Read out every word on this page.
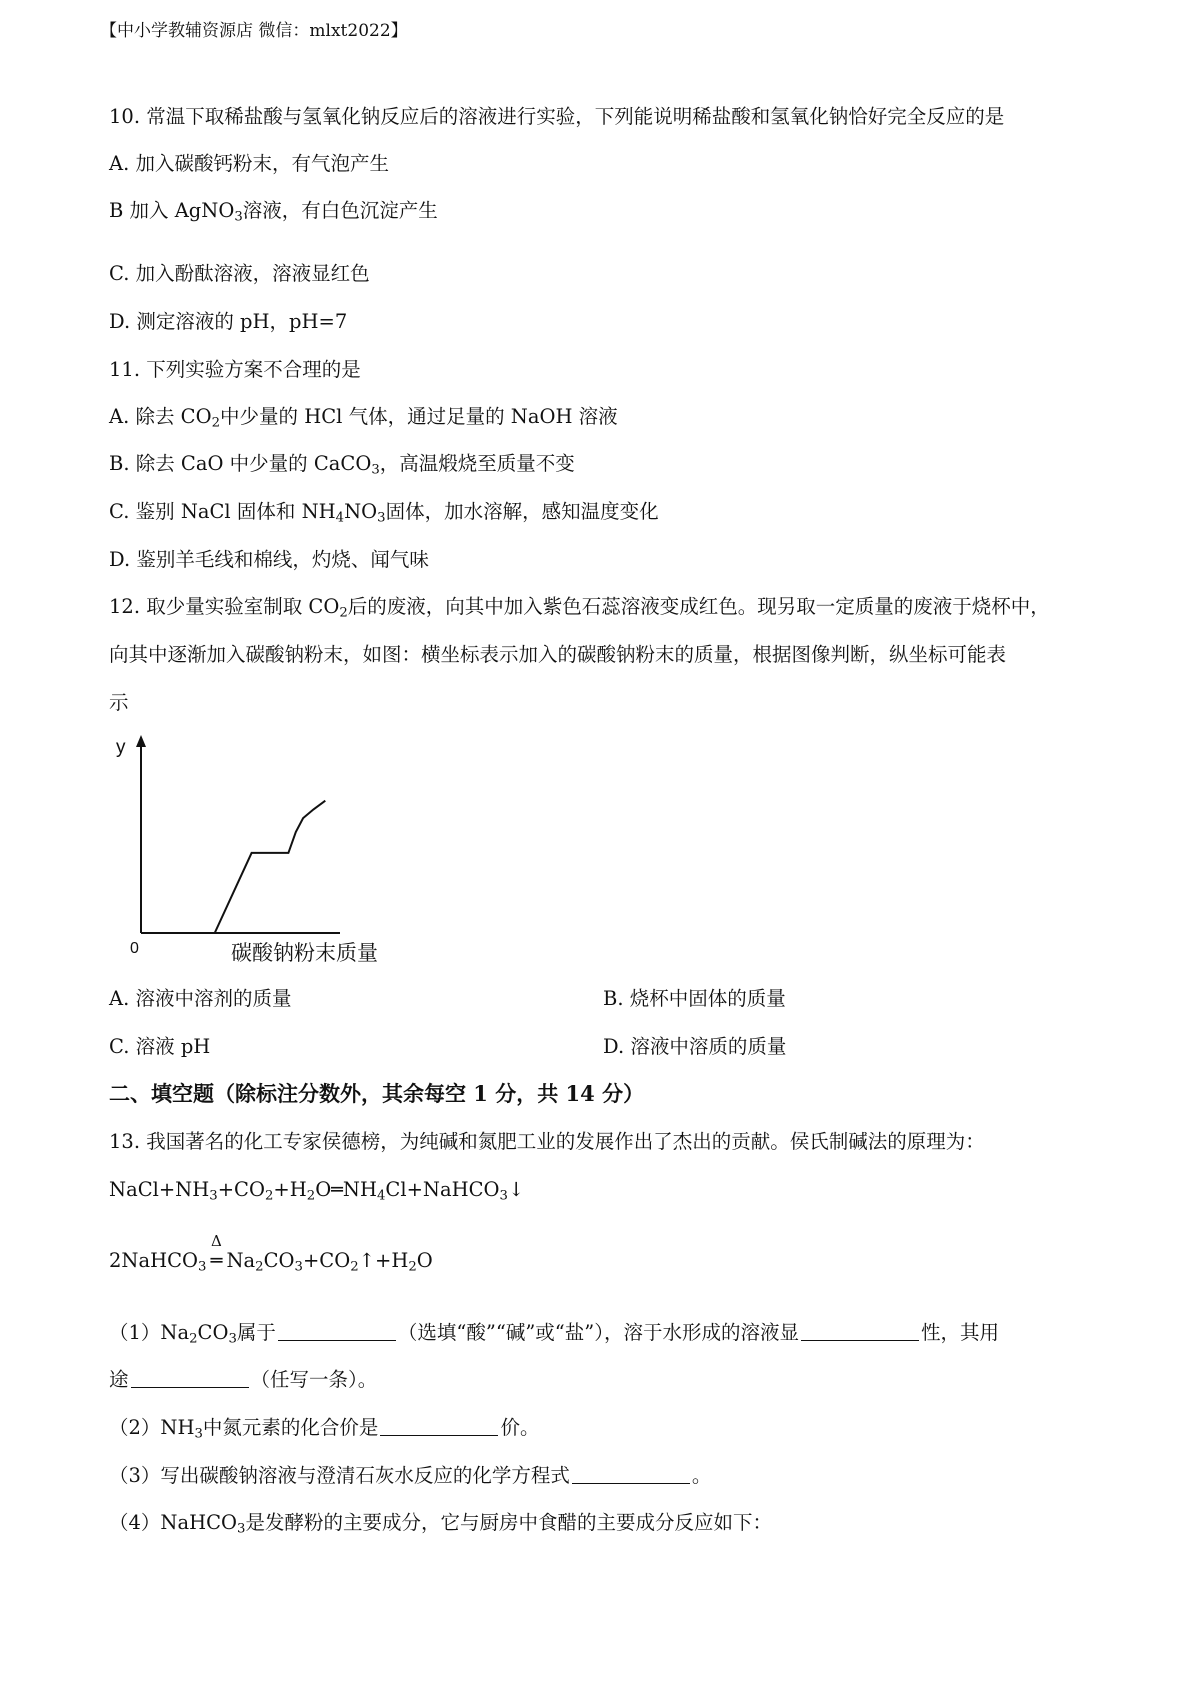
【中小学教辅资源店 微信：mlxt2022】
10. 常温下取稀盐酸与氢氧化钠反应后的溶液进行实验，下列能说明稀盐酸和氢氧化钠恰好完全反应的是
A. 加入碳酸钙粉末，有气泡产生
B 加入 AgNO$_3$溶液，有白色沉淀产生
C. 加入酚酞溶液，溶液显红色
D. 测定溶液的 pH，pH=7
11. 下列实验方案不合理的是
A. 除去 $CO_2$中少量的 HCl 气体，通过足量的 NaOH 溶液
B. 除去 CaO 中少量的 CaCO$_3$，高温煅烧至质量不变
C. 鉴别 NaCl 固体和 $NH_4NO_3$固体，加水溶解，感知温度变化
D. 鉴别羊毛线和棉线，灼烧、闻气味
12. 取少量实验室制取 $CO_2$后的废液，向其中加入紫色石蕊溶液变成红色。现另取一定质量的废液于烧杯中，
向其中逐渐加入碳酸钠粉末，如图：横坐标表示加入的碳酸钠粉末的质量，根据图像判断，纵坐标可能表
示
y
0	碳酸钠粉末质量
A. 溶液中溶剂的质量	B. 烧杯中固体的质量
C. 溶液 pH	D. 溶液中溶质的质量
二、填空题（除标注分数外，其余每空 1 分，共 14 分）
13. 我国著名的化工专家侯德榜，为纯碱和氮肥工业的发展作出了杰出的贡献。侯氏制碱法的原理为：
$NaCl+NH_3+CO_2+H_2O═NH_4Cl+NaHCO_3↓$
2NaHCO$_3$
Δ
═ $Na_2CO_3+CO_2↑+H_2O$
$(1)Na_2CO_3$属于	（选填“酸”“碱”或“盐”），溶于水形成的溶液显	性，其用
途	（任写一条）。
$(2)NH_3$中氮元素的化合价是	价。
（3）写出碳酸钠溶液与澄清石灰水反应的化学方程式	。
（4）NaHCO$_3$是发酵粉的主要成分，它与厨房中食醋的主要成分反应如下：
